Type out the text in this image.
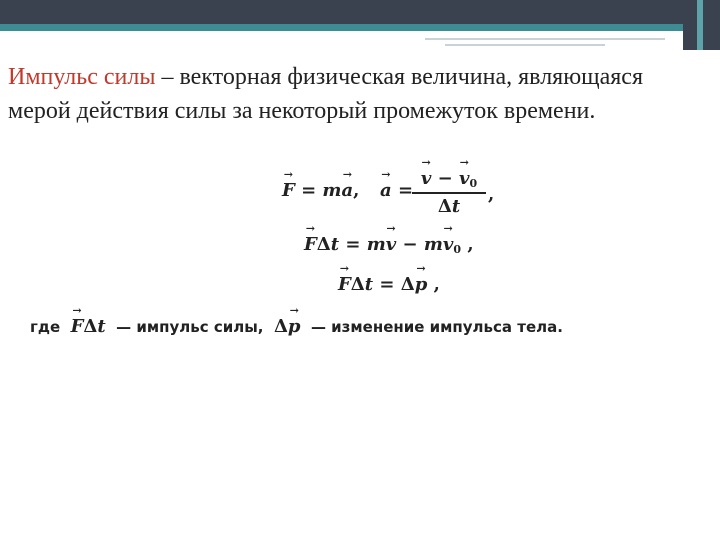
Импульс силы – векторная физическая величина, являющаяся мерой действия силы за некоторый промежуток времени.

→ F = m→ a, → a =
→ $\frac{v - \to v_0}{\Delta t}$ ,
→ $F\Delta t = m\to v - m\to v_0$ ,
→ FΔt = Δ→ p ,
где → FΔt — импульс силы, Δ→ p — изменение импульса тела.
